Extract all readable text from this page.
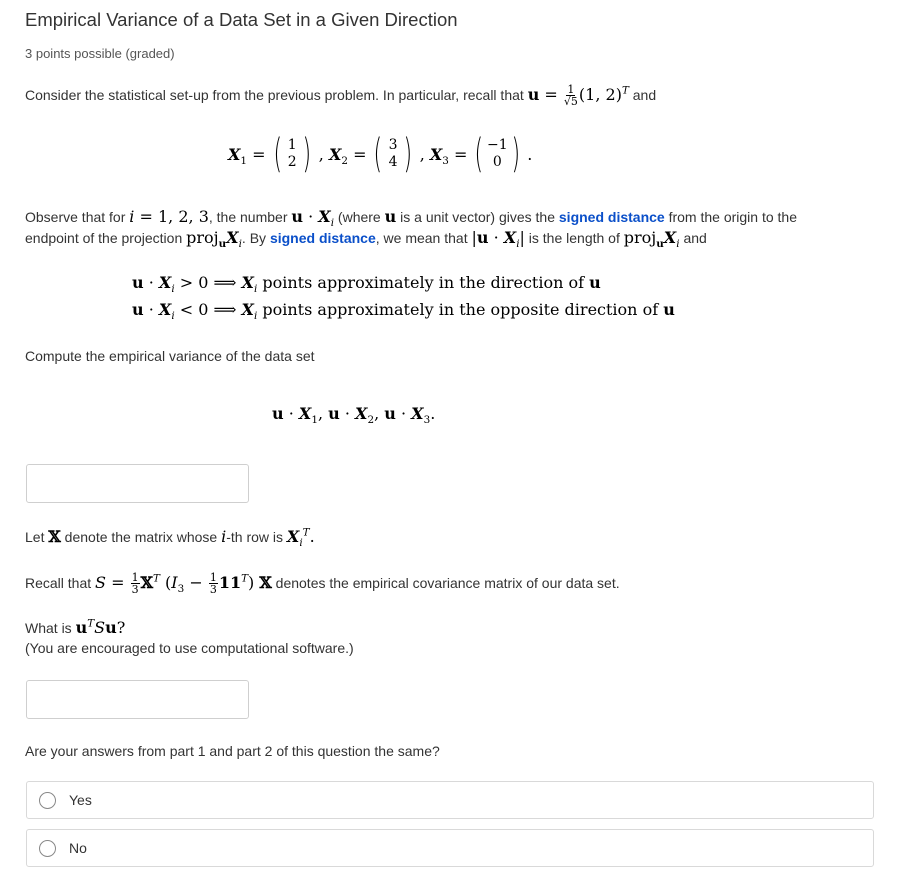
Empirical Variance of a Data Set in a Given Direction
3 points possible (graded)
Consider the statistical set-up from the previous problem. In particular, recall that $u = \frac{1}{√5} (1$, 2)$^T$ and
$X_1$ = ( 1
2 ) , $X_2$ = ( 3
4 ) , $X_3$ = ( −1
0 ) .
Observe that for i = 1, 2, 3, the number $u \cdot X_i$ (where u is a unit vector) gives the signed distance from the origin to the
endpoint of the projection $proj_uX_i$. By signed distance, we mean that $|u \cdot X_i|$ is the length of $proj_uX_i$ and
$u \cdot X_i > 0$ ⟹ $X_i$ points approximately in the direction of u
$u \cdot X_i < 0$ ⟹ $X_i$ points approximately in the opposite direction of u
Compute the empirical variance of the data set
$u \cdot X_1$, $u \cdot X_2$, $u \cdot X_3$.
Let 𝕏 denote the matrix whose i-th row is $X_i^T$.
Recall that $S = \frac{1}{3}$ 𝕏$^T$ $(I_3 - \frac{1}{3} 11^T)$ 𝕏 denotes the empirical covariance matrix of our data set.
What is $u^TSu$?
(You are encouraged to use computational software.)
Are your answers from part 1 and part 2 of this question the same?
Yes
No
